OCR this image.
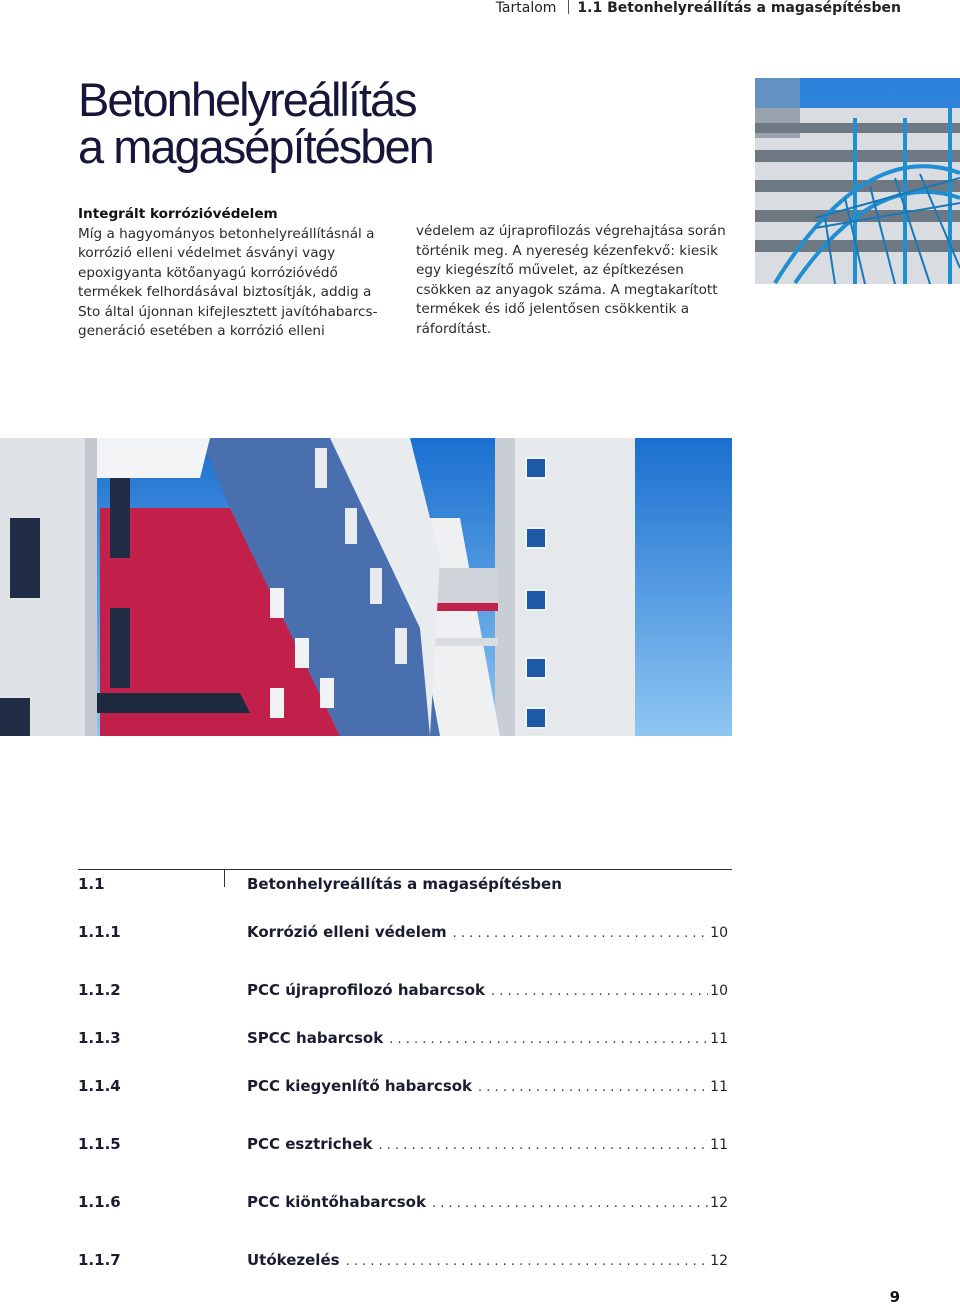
Tartalom 1.1 Betonhelyreállítás a magasépítésben
Betonhelyreállítás
a magasépítésben
Integrált korrózióvédelem

Míg a hagyományos betonhelyreállításnál a korrózió elleni védelmet ásványi vagy epoxigyanta kötőanyagú korrózióvédő termékek felhordásával biztosítják, addig a Sto által újonnan kifejlesztett javítóhabarcs-generáció esetében a korrózió elleni

védelem az újraprofilozás végrehajtása során történik meg. A nyereség kézenfekvő: kiesik egy kiegészítő művelet, az építkezésen csökken az anyagok száma. A megtakarított termékek és idő jelentősen csökkentik a ráfordítást.

1.1	Betonhelyreállítás a magasépítésben
1.1.1	Korrózió elleni védelem . . .	10
1.1.2	PCC újraprofilozó habarcsok . . .	10
1.1.3	SPCC habarcsok . . .	11
1.1.4	PCC kiegyenlítő habarcsok . . .	11
1.1.5	PCC esztrichek . . .	11
1.1.6	PCC kiöntőhabarcsok . . .	12
1.1.7	Utókezelés . . .	12
9
